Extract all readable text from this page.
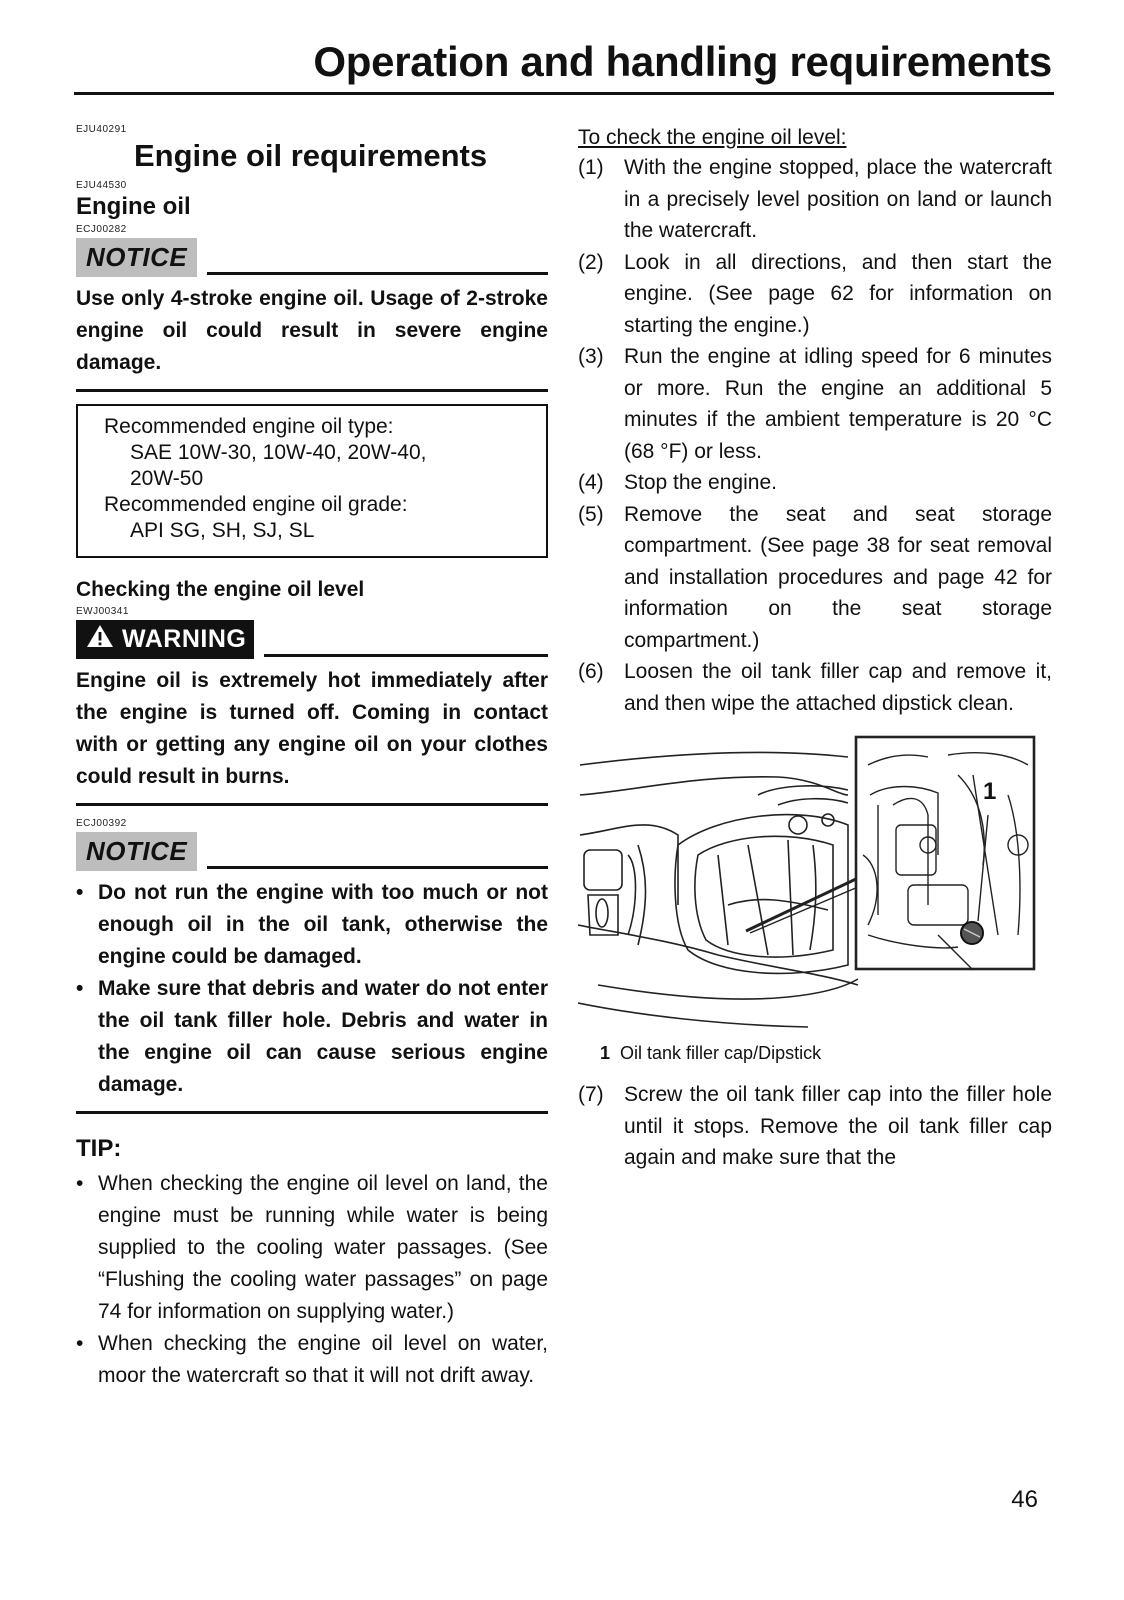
Operation and handling requirements
EJU40291
Engine oil requirements
EJU44530
Engine oil
ECJ00282
NOTICE
Use only 4-stroke engine oil. Usage of 2-stroke engine oil could result in severe engine damage.
Recommended engine oil type:
SAE 10W-30, 10W-40, 20W-40,
20W-50
Recommended engine oil grade:
API SG, SH, SJ, SL
Checking the engine oil level
EWJ00341
WARNING
Engine oil is extremely hot immediately after the engine is turned off. Coming in contact with or getting any engine oil on your clothes could result in burns.
ECJ00392
NOTICE
• Do not run the engine with too much or not enough oil in the oil tank, otherwise the engine could be damaged.
• Make sure that debris and water do not enter the oil tank filler hole. Debris and water in the engine oil can cause serious engine damage.
TIP:
• When checking the engine oil level on land, the engine must be running while water is being supplied to the cooling water passages. (See “Flushing the cooling water passages” on page 74 for information on supplying water.)
• When checking the engine oil level on water, moor the watercraft so that it will not drift away.
To check the engine oil level:
(1) With the engine stopped, place the watercraft in a precisely level position on land or launch the watercraft.
(2) Look in all directions, and then start the engine. (See page 62 for information on starting the engine.)
(3) Run the engine at idling speed for 6 minutes or more. Run the engine an additional 5 minutes if the ambient temperature is 20 °C (68 °F) or less.
(4) Stop the engine.
(5) Remove the seat and seat storage compartment. (See page 38 for seat removal and installation procedures and page 42 for information on the seat storage compartment.)
(6) Loosen the oil tank filler cap and remove it, and then wipe the attached dipstick clean.
1
1 Oil tank filler cap/Dipstick
(7) Screw the oil tank filler cap into the filler hole until it stops. Remove the oil tank filler cap again and make sure that the
46
